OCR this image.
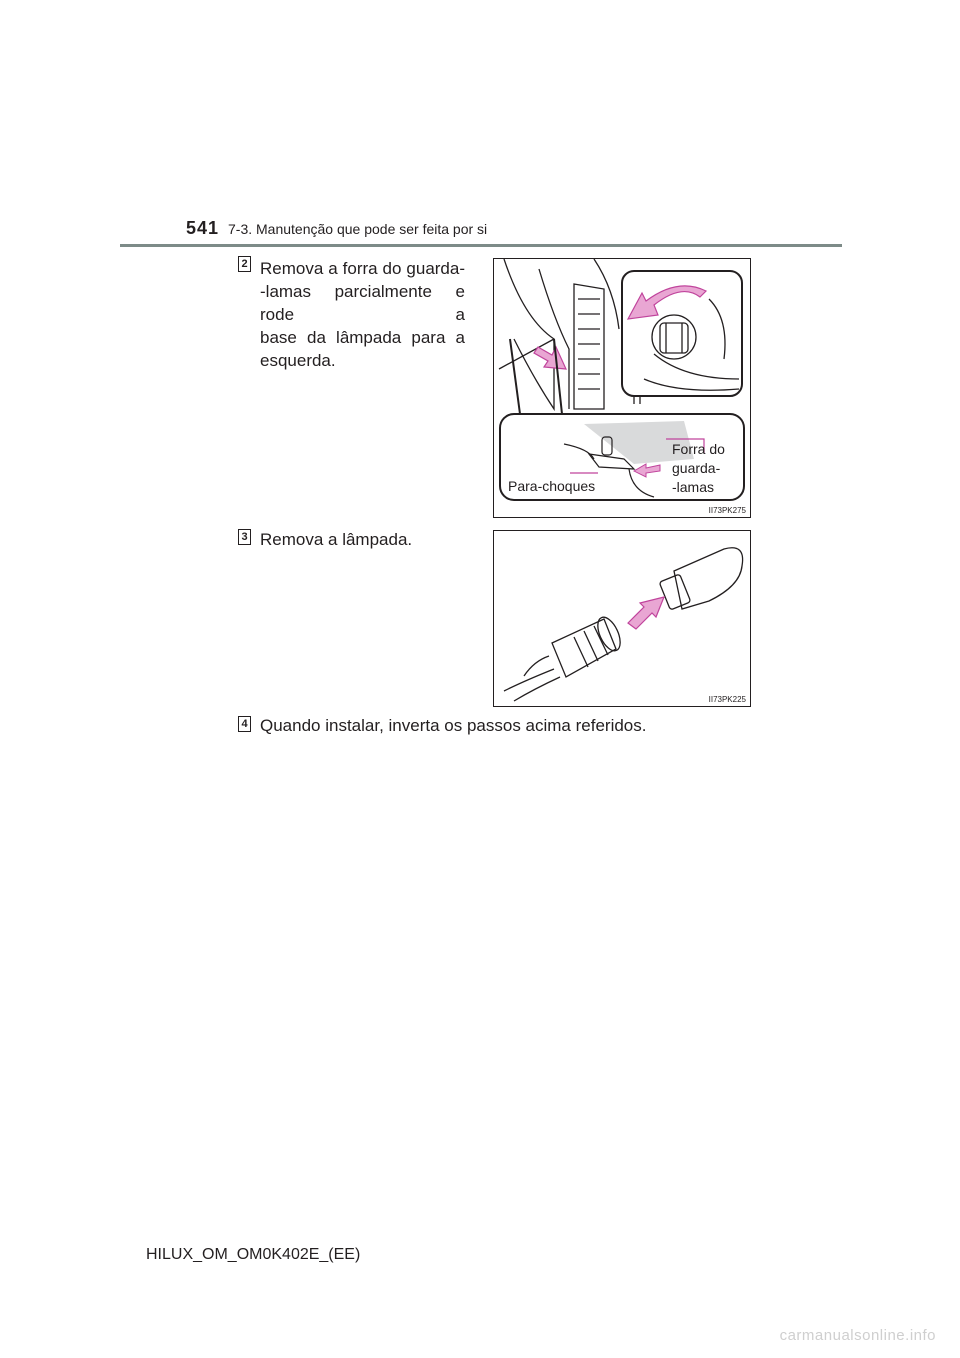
541 7-3. Manutenção que pode ser feita por si
2 Remova a forra do guarda-
-lamas parcialmente e rode a
base da lâmpada para a
esquerda.
Para-choques
Forra do
guarda-
-lamas
II73PK275
3 Remova a lâmpada.
II73PK225
4 Quando instalar, inverta os passos acima referidos.
HILUX_OM_OM0K402E_(EE)
carmanualsonline.info
